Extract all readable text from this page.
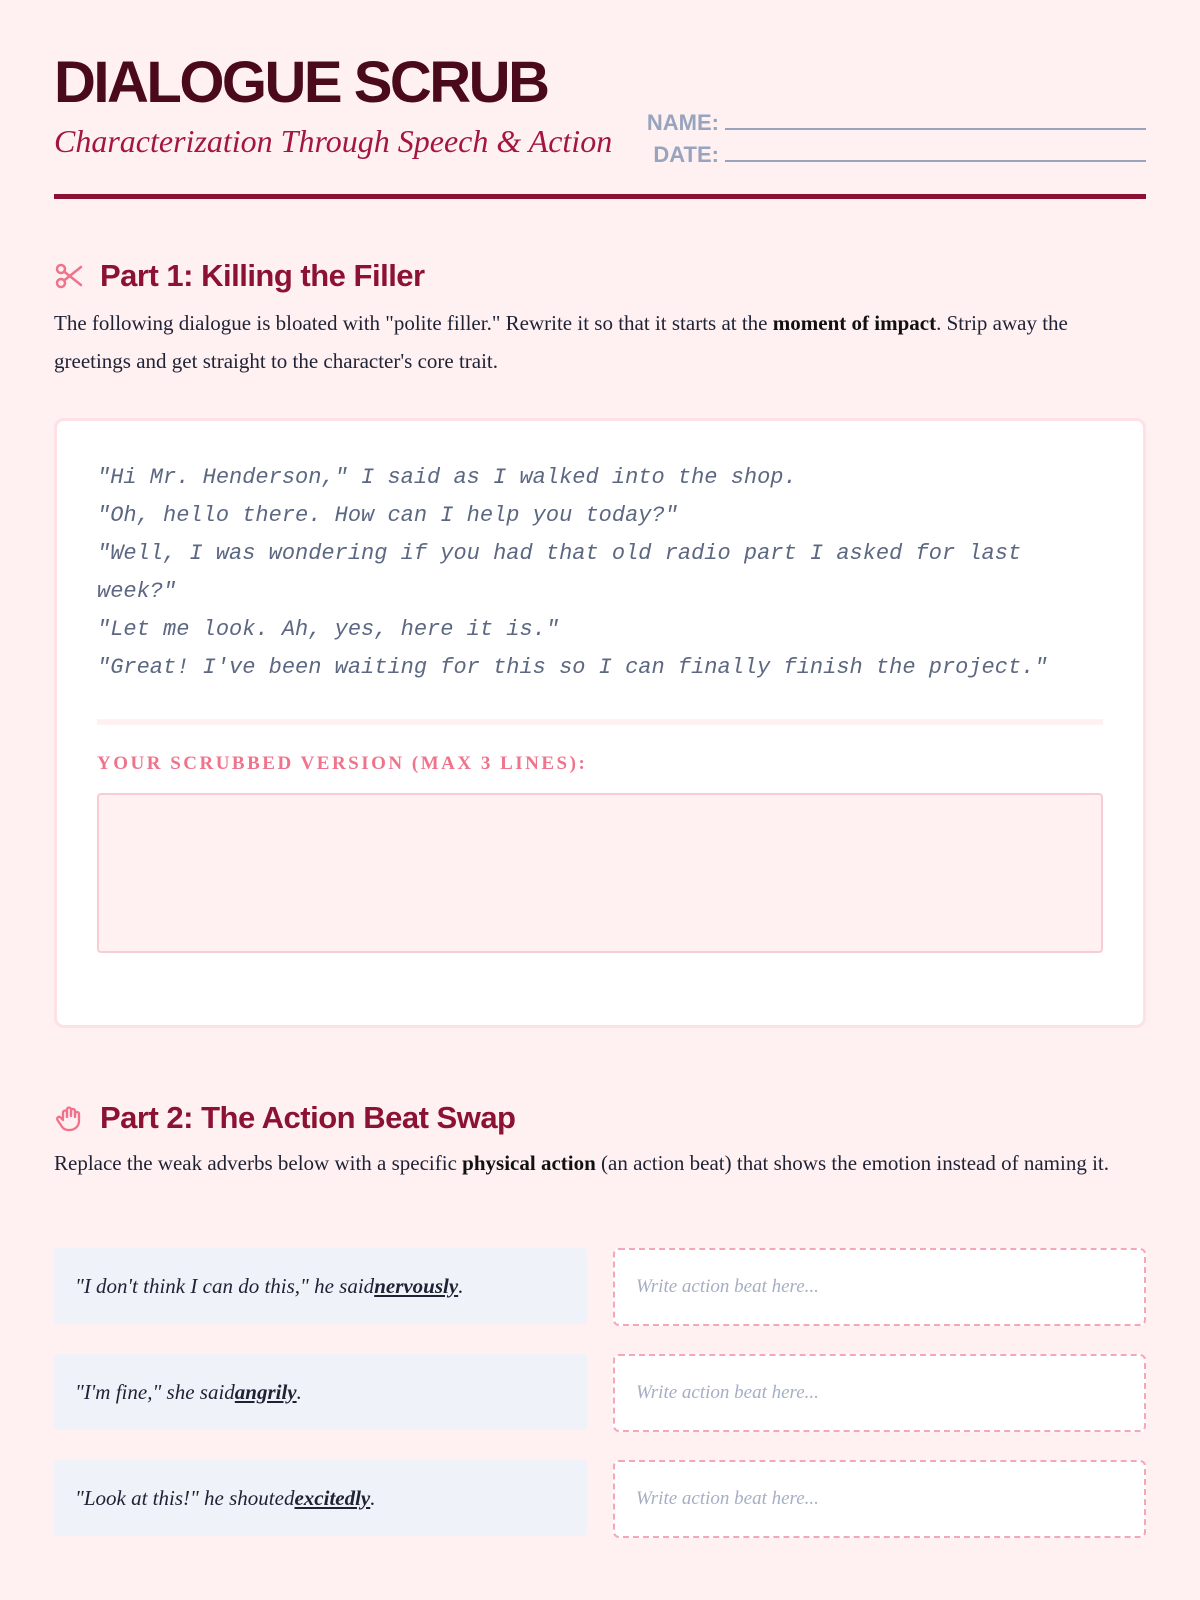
DIALOGUE SCRUB

Characterization Through Speech & Action

NAME:
DATE:
Part 1: Killing the Filler

The following dialogue is bloated with "polite filler." Rewrite it so that it starts at the moment of impact. Strip away the greetings and get straight to the character's core trait.

"Hi Mr. Henderson," I said as I walked into the shop.
"Oh, hello there. How can I help you today?"
"Well, I was wondering if you had that old radio part I asked for last week?"
"Let me look. Ah, yes, here it is."
"Great! I've been waiting for this so I can finally finish the project."

YOUR SCRUBBED VERSION (MAX 3 LINES):

Part 2: The Action Beat Swap

Replace the weak adverbs below with a specific physical action (an action beat) that shows the emotion instead of naming it.

"I don't think I can do this," he said nervously .
Write action beat here...
"I'm fine," she said angrily .
Write action beat here...
"Look at this!" he shouted excitedly .
Write action beat here...
